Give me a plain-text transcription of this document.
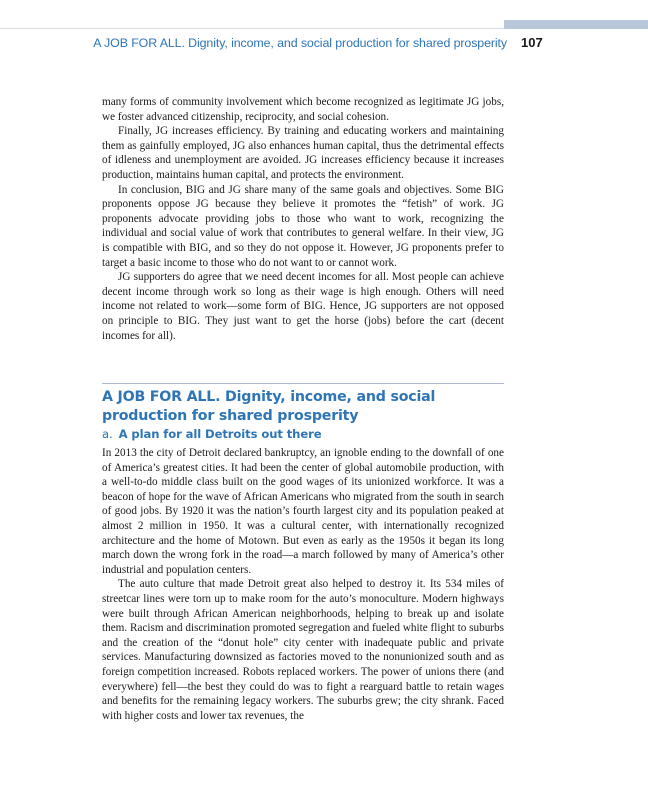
A JOB FOR ALL. Dignity, income, and social production for shared prosperity 107

many forms of community involvement which become recognized as legitimate JG jobs, we foster advanced citizenship, reciprocity, and social cohesion.

Finally, JG increases efficiency. By training and educating workers and maintaining them as gainfully employed, JG also enhances human capital, thus the detrimental effects of idleness and unemployment are avoided. JG increases efficiency because it increases production, maintains human capital, and protects the environment.

In conclusion, BIG and JG share many of the same goals and objectives. Some BIG proponents oppose JG because they believe it promotes the “fetish” of work. JG proponents advocate providing jobs to those who want to work, recognizing the individual and social value of work that contributes to general welfare. In their view, JG is compatible with BIG, and so they do not oppose it. However, JG proponents prefer to target a basic income to those who do not want to or cannot work.

JG supporters do agree that we need decent incomes for all. Most people can achieve decent income through work so long as their wage is high enough. Others will need income not related to work—some form of BIG. Hence, JG supporters are not opposed on principle to BIG. They just want to get the horse (jobs) before the cart (decent incomes for all).

A JOB FOR ALL. Dignity, income, and social production for shared prosperity
a. A plan for all Detroits out there

In 2013 the city of Detroit declared bankruptcy, an ignoble ending to the downfall of one of America’s greatest cities. It had been the center of global automobile production, with a well-to-do middle class built on the good wages of its unionized workforce. It was a beacon of hope for the wave of African Americans who migrated from the south in search of good jobs. By 1920 it was the nation’s fourth largest city and its population peaked at almost 2 million in 1950. It was a cultural center, with internationally recognized architecture and the home of Motown. But even as early as the 1950s it began its long march down the wrong fork in the road—a march followed by many of America’s other industrial and population centers.

The auto culture that made Detroit great also helped to destroy it. Its 534 miles of streetcar lines were torn up to make room for the auto’s monoculture. Modern highways were built through African American neighborhoods, helping to break up and isolate them. Racism and discrimination promoted segregation and fueled white flight to suburbs and the creation of the “donut hole” city center with inadequate public and private services. Manufacturing downsized as factories moved to the nonunionized south and as foreign competition increased. Robots replaced workers. The power of unions there (and everywhere) fell—the best they could do was to fight a rearguard battle to retain wages and benefits for the remaining legacy workers. The suburbs grew; the city shrank. Faced with higher costs and lower tax revenues, the
